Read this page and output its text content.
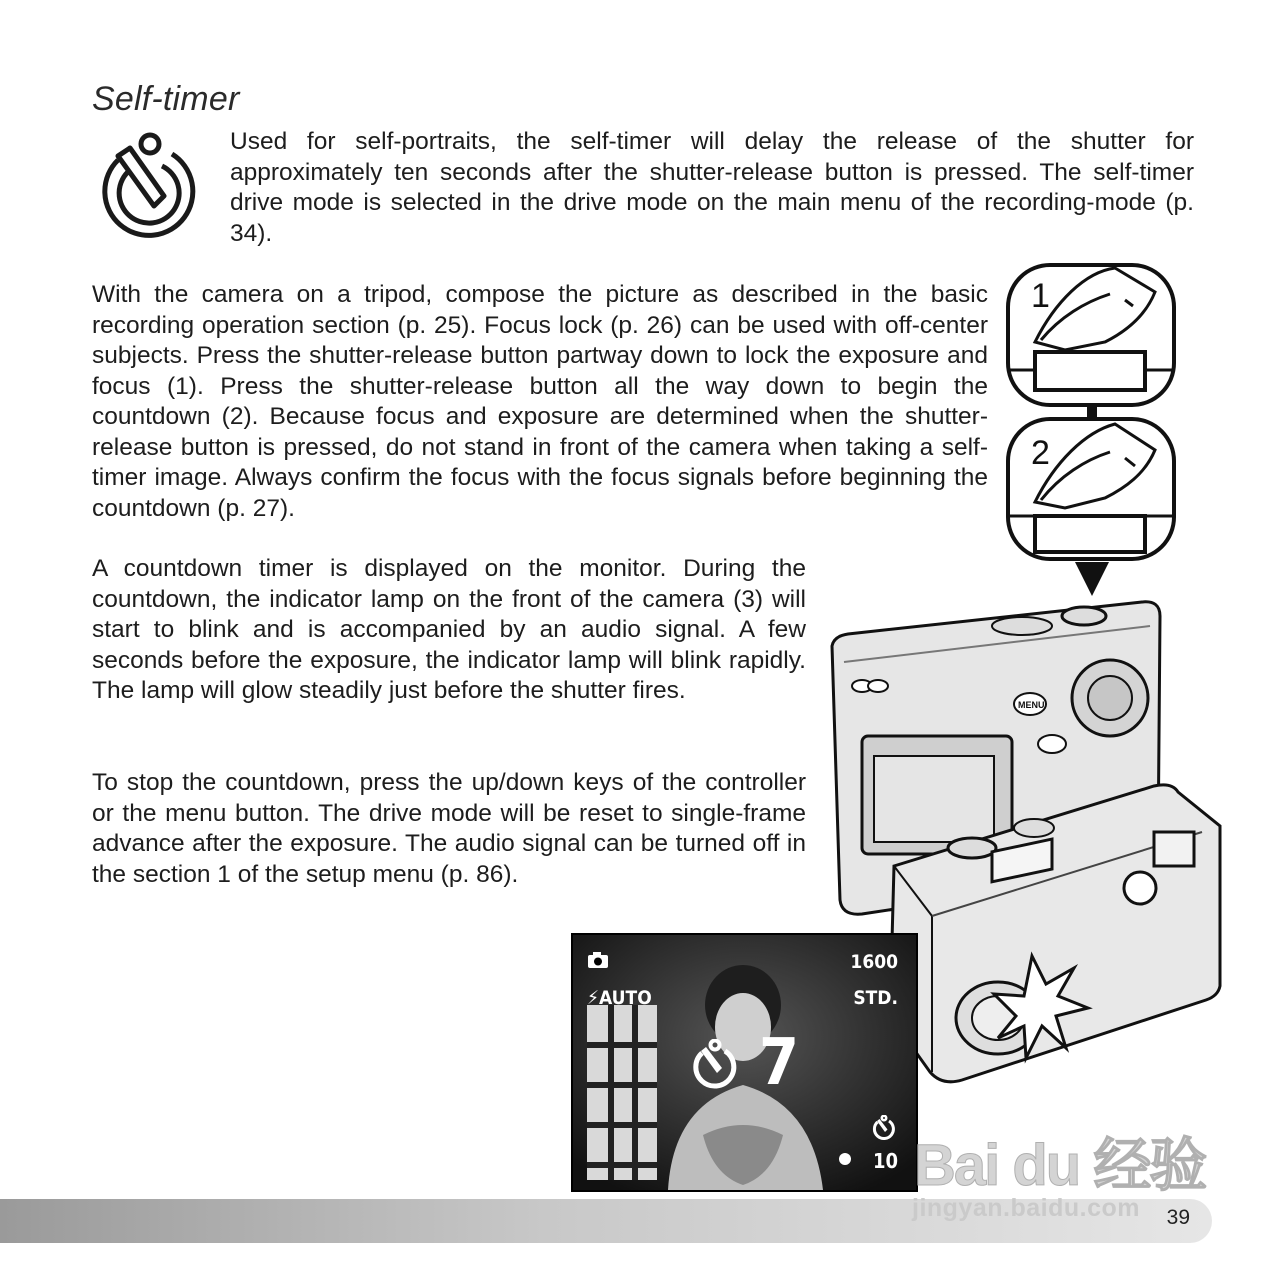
Self-timer
Used for self-portraits, the self-timer will delay the release of the shutter for approximately ten seconds after the shutter-release button is pressed. The self-timer drive mode is selected in the drive mode on the main menu of the recording-mode (p. 34).
With the camera on a tripod, compose the picture as described in the basic recording operation section (p. 25). Focus lock (p. 26) can be used with off-center subjects. Press the shutter-release button partway down to lock the exposure and focus (1). Press the shutter-release button all the way down to begin the countdown (2). Because focus and exposure are determined when the shutter-release button is pressed, do not stand in front of the camera when taking a self-timer image. Always confirm the focus with the focus signals before beginning the countdown (p. 27).
A countdown timer is displayed on the monitor. During the countdown, the indicator lamp on the front of the camera (3) will start to blink and is accompanied by an audio signal. A few seconds before the exposure, the indicator lamp will blink rapidly. The lamp will glow steadily just before the shutter fires.
To stop the countdown, press the up/down keys of the controller or the menu button. The drive mode will be reset to single-frame advance after the exposure. The audio signal can be turned off in the section 1 of the setup menu (p. 86).
1
2
MENU
⚡AUTO
1600
STD.
7
10
39
Bai du 经验
jingyan.baidu.com
